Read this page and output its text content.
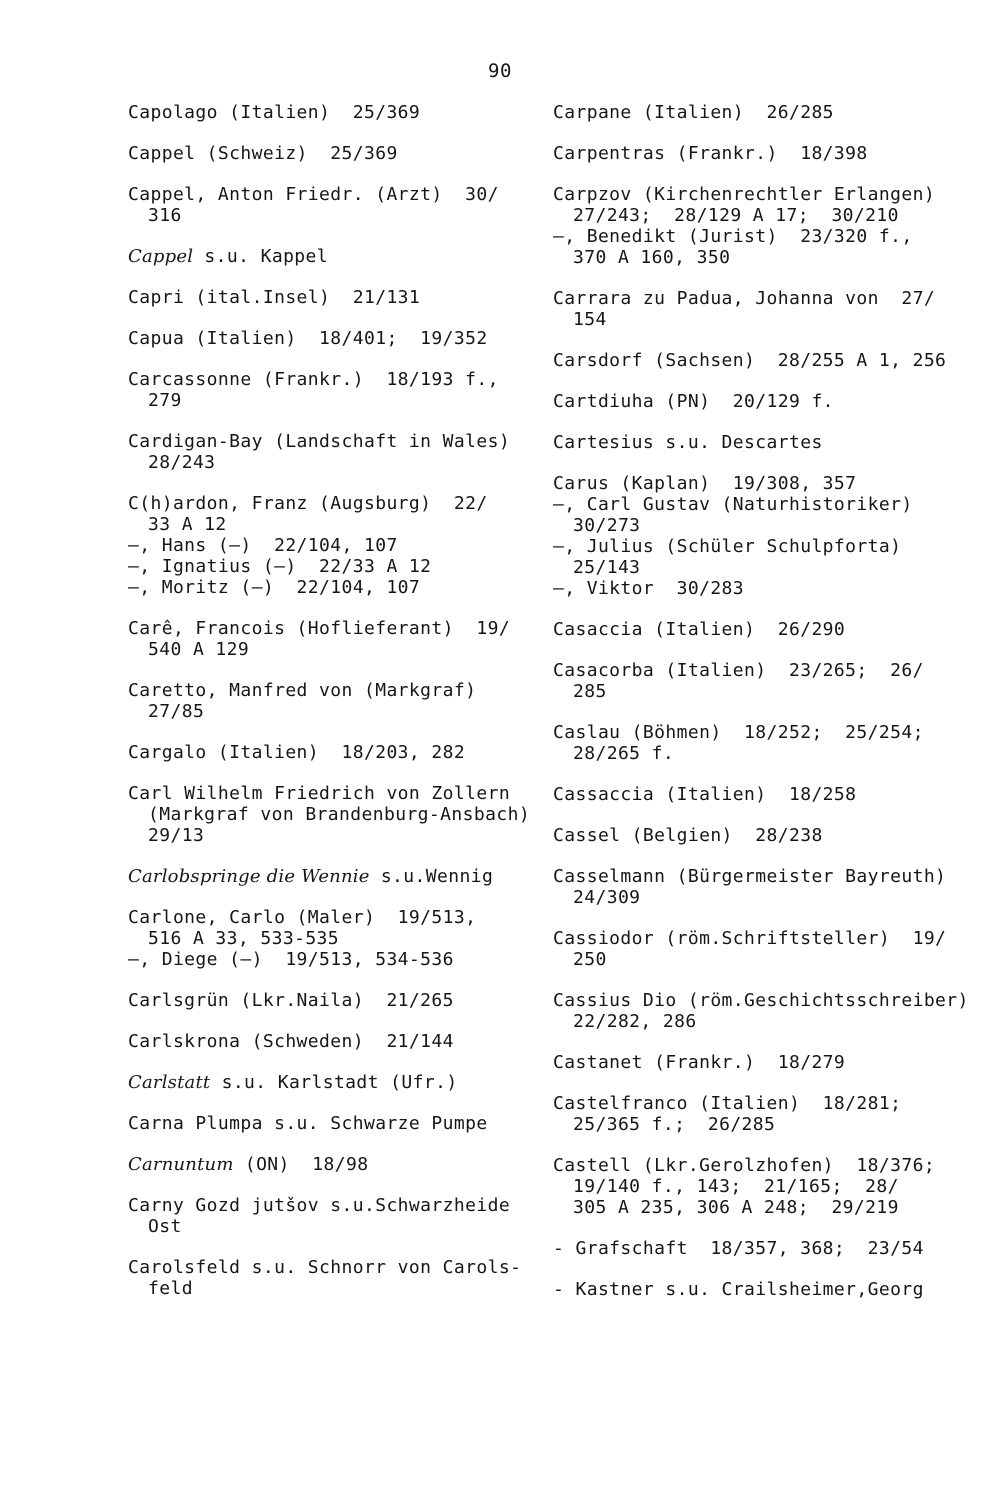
90
Capolago (Italien)  25/369
Cappel (Schweiz)  25/369
Cappel, Anton Friedr. (Arzt)  30/
316
Cappel s.u. Kappel
Capri (ital.Insel)  21/131
Capua (Italien)  18/401;  19/352
Carcassonne (Frankr.)  18/193 f.,
279
Cardigan-Bay (Landschaft in Wales)
28/243
C(h)ardon, Franz (Augsburg)  22/
33 A 12
—, Hans (—)  22/104, 107
—, Ignatius (—)  22/33 A 12
—, Moritz (—)  22/104, 107
Carê, Francois (Hoflieferant)  19/
540 A 129
Caretto, Manfred von (Markgraf)
27/85
Cargalo (Italien)  18/203, 282
Carl Wilhelm Friedrich von Zollern
(Markgraf von Brandenburg-Ansbach)
29/13
Carlobspringe die Wennie s.u.Wennig
Carlone, Carlo (Maler)  19/513,
516 A 33, 533-535
—, Diege (—)  19/513, 534-536
Carlsgrün (Lkr.Naila)  21/265
Carlskrona (Schweden)  21/144
Carlstatt s.u. Karlstadt (Ufr.)
Carna Plumpa s.u. Schwarze Pumpe
Carnuntum (ON)  18/98
Carny Gozd jutšov s.u.Schwarzheide
Ost
Carolsfeld s.u. Schnorr von Carols-
feld
Carpane (Italien)  26/285
Carpentras (Frankr.)  18/398
Carpzov (Kirchenrechtler Erlangen)
27/243;  28/129 A 17;  30/210
—, Benedikt (Jurist)  23/320 f.,
370 A 160, 350
Carrara zu Padua, Johanna von  27/
154
Carsdorf (Sachsen)  28/255 A 1, 256
Cartdiuha (PN)  20/129 f.
Cartesius s.u. Descartes
Carus (Kaplan)  19/308, 357
—, Carl Gustav (Naturhistoriker)
30/273
—, Julius (Schüler Schulpforta)
25/143
—, Viktor  30/283
Casaccia (Italien)  26/290
Casacorba (Italien)  23/265;  26/
285
Caslau (Böhmen)  18/252;  25/254;
28/265 f.
Cassaccia (Italien)  18/258
Cassel (Belgien)  28/238
Casselmann (Bürgermeister Bayreuth)
24/309
Cassiodor (röm.Schriftsteller)  19/
250
Cassius Dio (röm.Geschichtsschreiber)
22/282, 286
Castanet (Frankr.)  18/279
Castelfranco (Italien)  18/281;
25/365 f.;  26/285
Castell (Lkr.Gerolzhofen)  18/376;
19/140 f., 143;  21/165;  28/
305 A 235, 306 A 248;  29/219
- Grafschaft  18/357, 368;  23/54
- Kastner s.u. Crailsheimer,Georg
